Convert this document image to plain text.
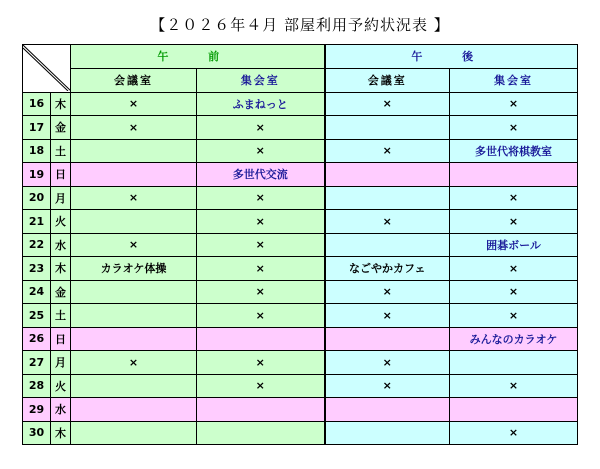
【２０２６年４月 部屋利用予約状況表 】
	午 前		午 後	
		会議室	集会室	会議室	集会室
16	木	×	ふまねっと	×	×
17	金	×	×		×
18	土		×	×	多世代将棋教室
19	日		多世代交流		
20	月	×	×		×
21	火		×	×	×
22	水	×	×		囲碁ボール
23	木	カラオケ体操	×	なごやかカフェ	×
24	金		×	×	×
25	土		×	×	×
26	日				みんなのカラオケ
27	月	×	×	×	
28	火		×	×	×
29	水				
30	木				×
